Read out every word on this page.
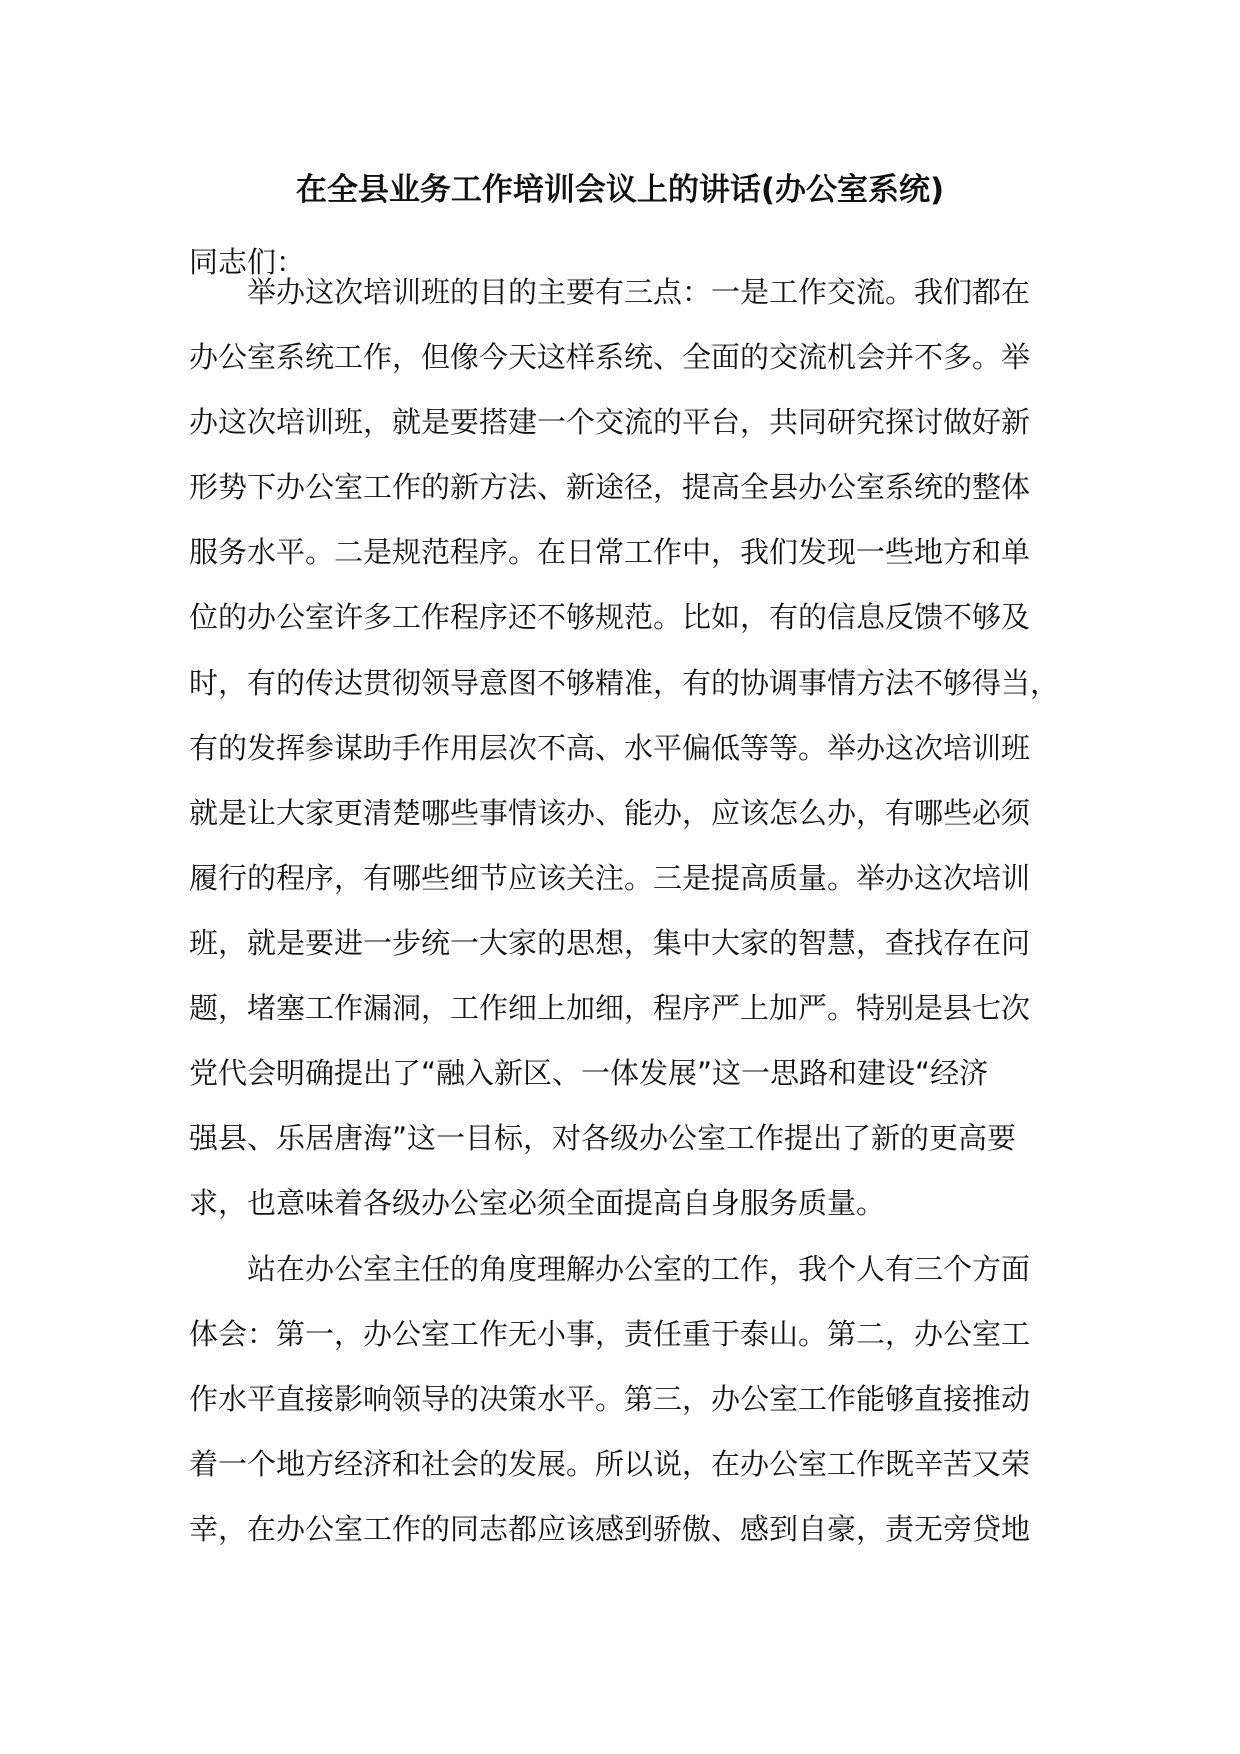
在全县业务工作培训会议上的讲话(办公室系统)
同志们：
举办这次培训班的目的主要有三点：一是工作交流。我们都在
办公室系统工作，但像今天这样系统、全面的交流机会并不多。举
办这次培训班，就是要搭建一个交流的平台，共同研究探讨做好新
形势下办公室工作的新方法、新途径，提高全县办公室系统的整体
服务水平。二是规范程序。在日常工作中，我们发现一些地方和单
位的办公室许多工作程序还不够规范。比如，有的信息反馈不够及
时，有的传达贯彻领导意图不够精准，有的协调事情方法不够得当，
有的发挥参谋助手作用层次不高、水平偏低等等。举办这次培训班
就是让大家更清楚哪些事情该办、能办，应该怎么办，有哪些必须
履行的程序，有哪些细节应该关注。三是提高质量。举办这次培训
班，就是要进一步统一大家的思想，集中大家的智慧，查找存在问
题，堵塞工作漏洞，工作细上加细，程序严上加严。特别是县七次
党代会明确提出了“融入新区、一体发展”这一思路和建设“经济
强县、乐居唐海”这一目标，对各级办公室工作提出了新的更高要
求，也意味着各级办公室必须全面提高自身服务质量。
站在办公室主任的角度理解办公室的工作，我个人有三个方面
体会：第一，办公室工作无小事，责任重于泰山。第二，办公室工
作水平直接影响领导的决策水平。第三，办公室工作能够直接推动
着一个地方经济和社会的发展。所以说，在办公室工作既辛苦又荣
幸，在办公室工作的同志都应该感到骄傲、感到自豪，责无旁贷地
